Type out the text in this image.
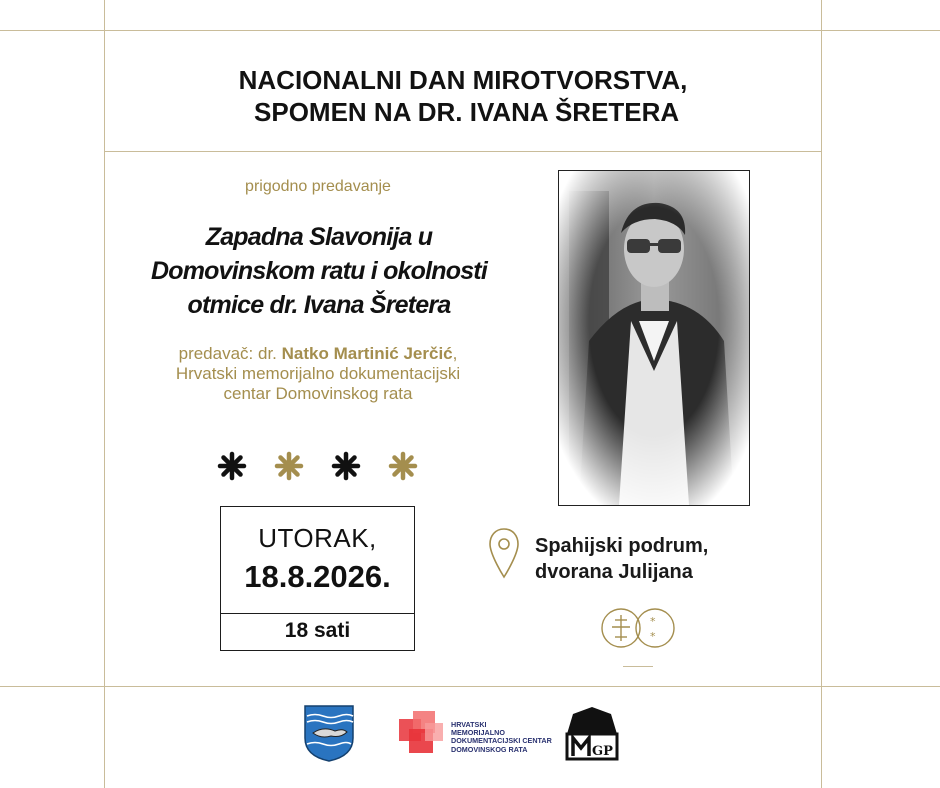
NACIONALNI DAN MIROTVORSTVA,
SPOMEN NA DR. IVANA ŠRETERA
prigodno predavanje
Zapadna Slavonija u
Domovinskom ratu i okolnosti
otmice dr. Ivana Šretera
predavač: dr. Natko Martinić Jerčić,
Hrvatski memorijalno dokumentacijski
centar Domovinskog rata
UTORAK,
18.8.2026.
18 sati
Spahijski podrum,
dvorana Julijana
*
*
HRVATSKI
MEMORIJALNO
DOKUMENTACIJSKI CENTAR
DOMOVINSKOG RATA	GP
